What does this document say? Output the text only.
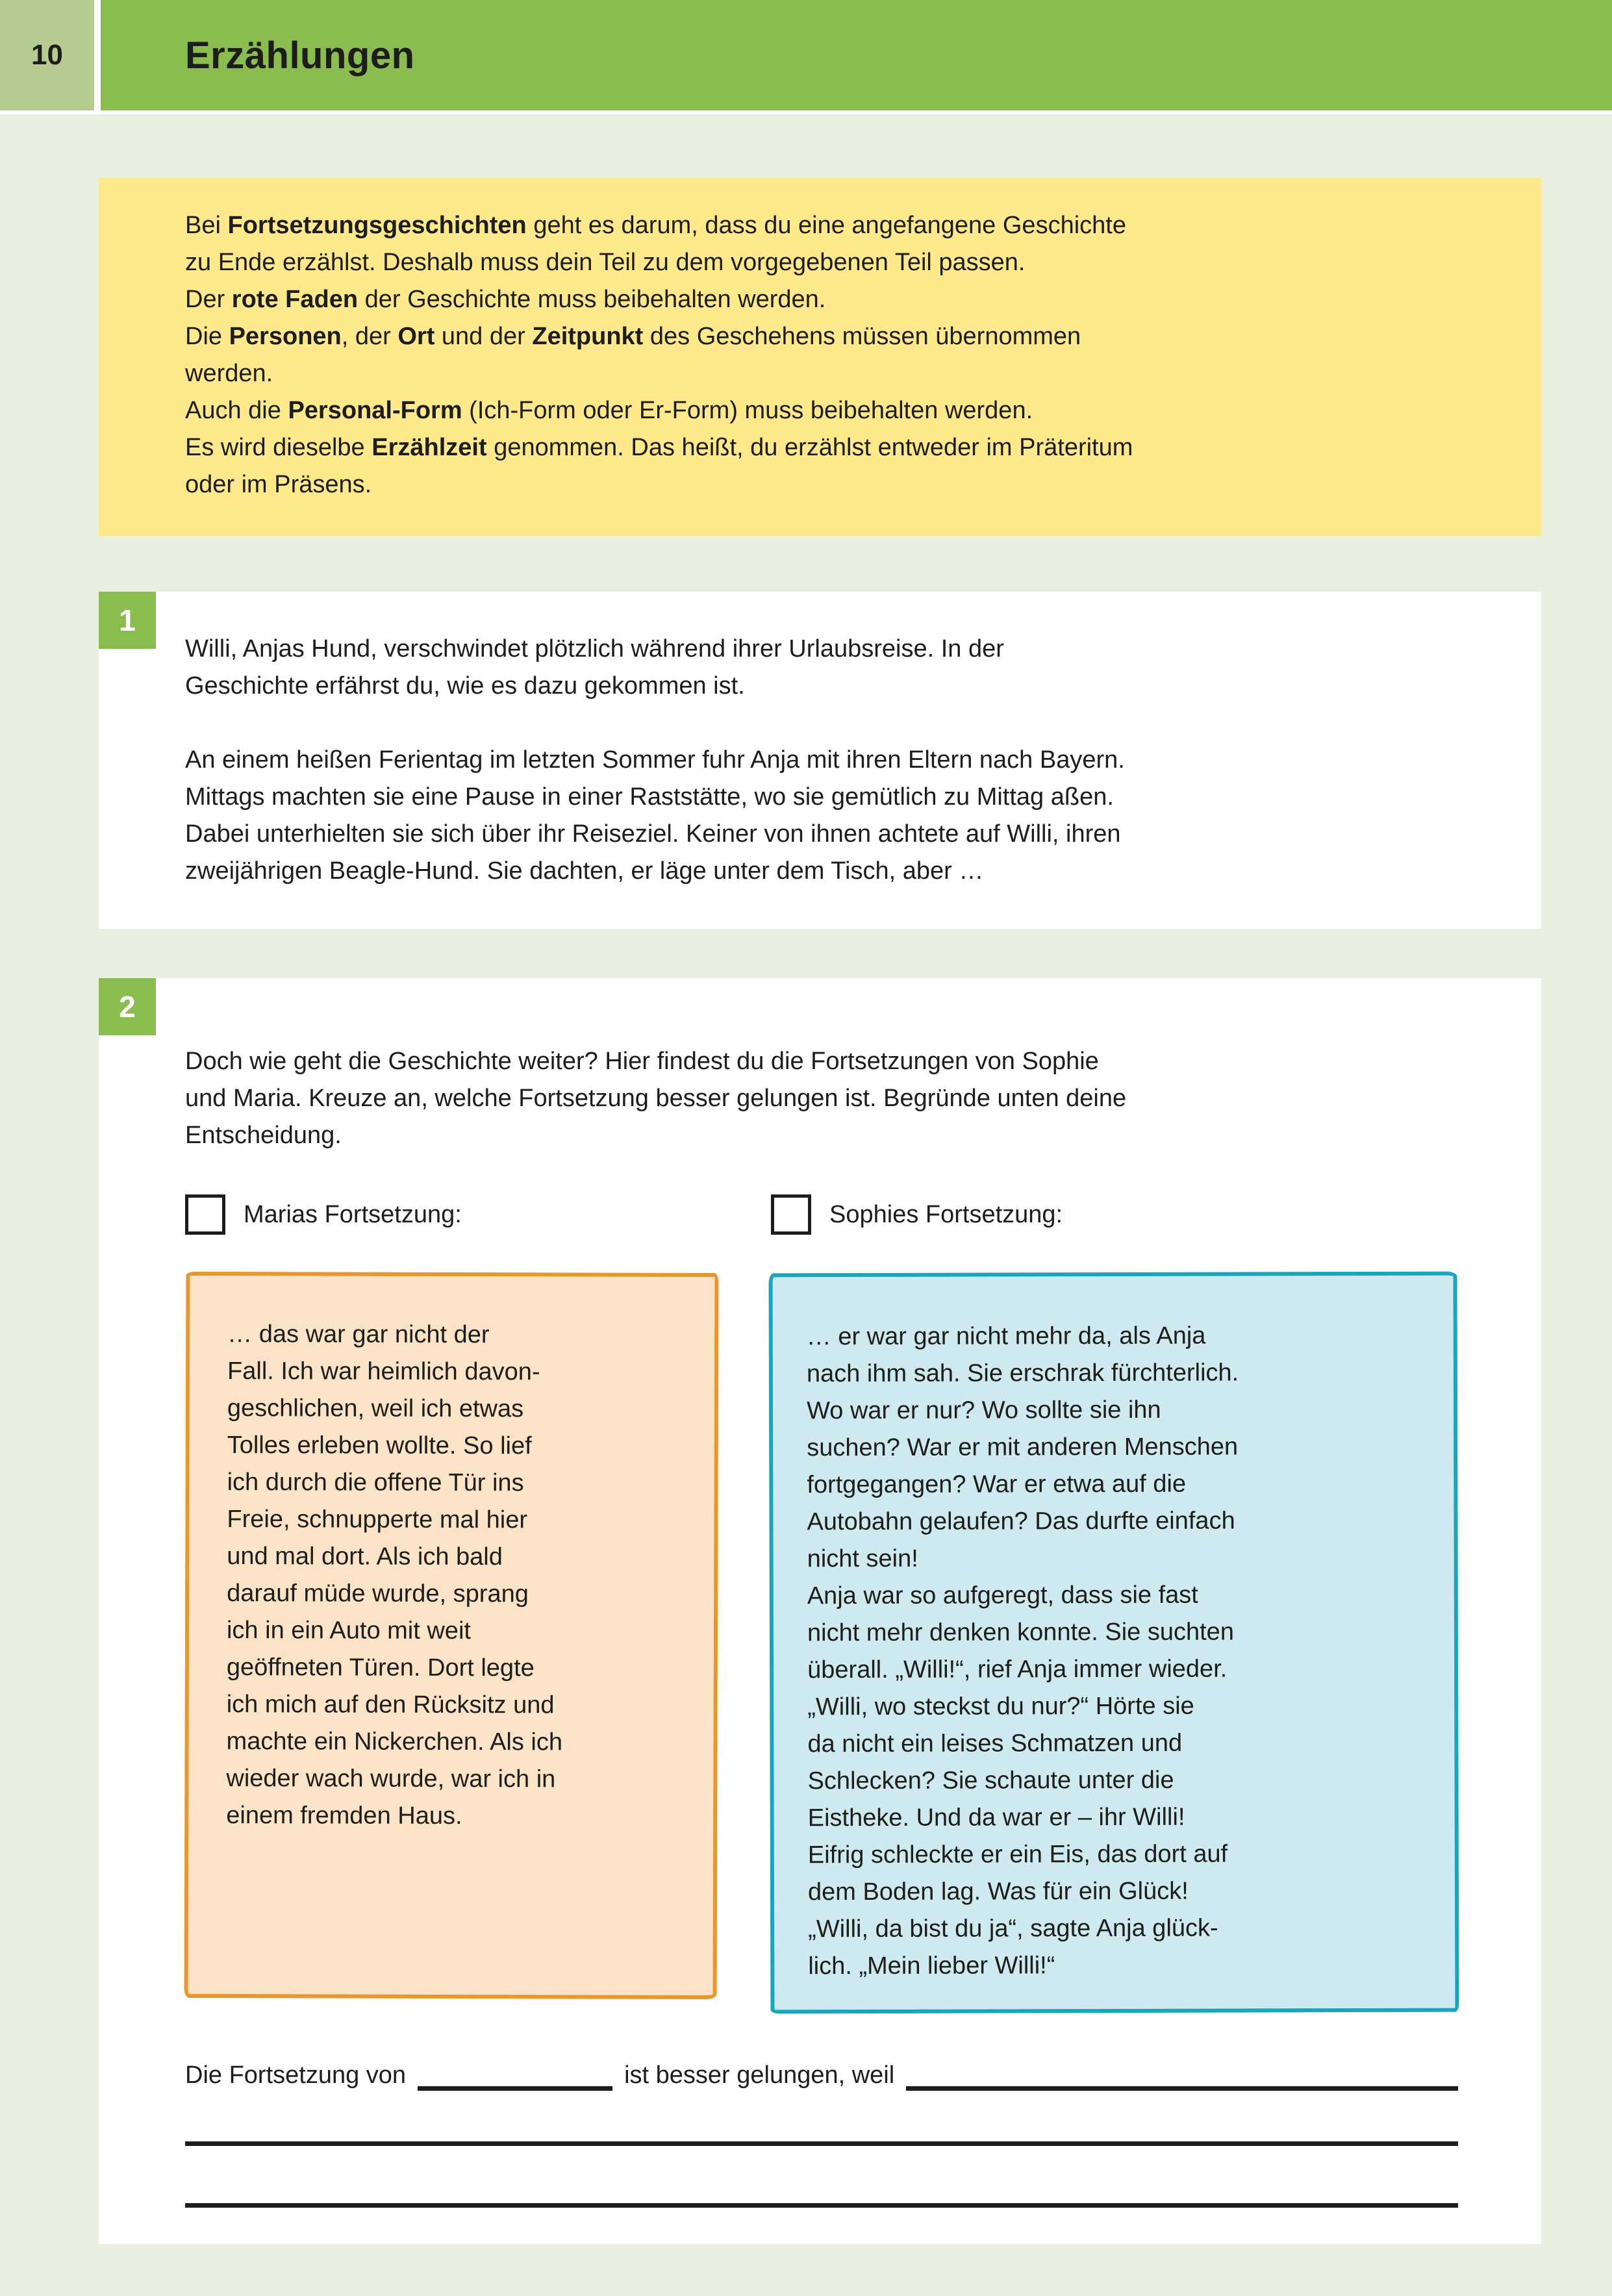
10	Erzählungen
Bei Fortsetzungsgeschichten geht es darum, dass du eine angefangene Geschichte
zu Ende erzählst. Deshalb muss dein Teil zu dem vorgegebenen Teil passen.
Der rote Faden der Geschichte muss beibehalten werden.
Die Personen, der Ort und der Zeitpunkt des Geschehens müssen übernommen
werden.
Auch die Personal-Form (Ich-Form oder Er-Form) muss beibehalten werden.
Es wird dieselbe Erzählzeit genommen. Das heißt, du erzählst entweder im Präteritum
oder im Präsens.
1
Willi, Anjas Hund, verschwindet plötzlich während ihrer Urlaubsreise. In der
Geschichte erfährst du, wie es dazu gekommen ist.
An einem heißen Ferientag im letzten Sommer fuhr Anja mit ihren Eltern nach Bayern.
Mittags machten sie eine Pause in einer Raststätte, wo sie gemütlich zu Mittag aßen.
Dabei unterhielten sie sich über ihr Reiseziel. Keiner von ihnen achtete auf Willi, ihren
zweijährigen Beagle-Hund. Sie dachten, er läge unter dem Tisch, aber …
2
Doch wie geht die Geschichte weiter? Hier findest du die Fortsetzungen von Sophie
und Maria. Kreuze an, welche Fortsetzung besser gelungen ist. Begründe unten deine
Entscheidung.
Marias Fortsetzung:	Sophies Fortsetzung:
… das war gar nicht der
Fall. Ich war heimlich davon-
geschlichen, weil ich etwas
Tolles erleben wollte. So lief
ich durch die offene Tür ins
Freie, schnupperte mal hier
und mal dort. Als ich bald
darauf müde wurde, sprang
ich in ein Auto mit weit
geöffneten Türen. Dort legte
ich mich auf den Rücksitz und
machte ein Nickerchen. Als ich
wieder wach wurde, war ich in
einem fremden Haus.
… er war gar nicht mehr da, als Anja
nach ihm sah. Sie erschrak fürchterlich.
Wo war er nur? Wo sollte sie ihn
suchen? War er mit anderen Menschen
fortgegangen? War er etwa auf die
Autobahn gelaufen? Das durfte einfach
nicht sein!
Anja war so aufgeregt, dass sie fast
nicht mehr denken konnte. Sie suchten
überall. „Willi!“, rief Anja immer wieder.
„Willi, wo steckst du nur?“ Hörte sie
da nicht ein leises Schmatzen und
Schlecken? Sie schaute unter die
Eistheke. Und da war er – ihr Willi!
Eifrig schleckte er ein Eis, das dort auf
dem Boden lag. Was für ein Glück!
„Willi, da bist du ja“, sagte Anja glück-
lich. „Mein lieber Willi!“
Die Fortsetzung von	ist besser gelungen, weil
